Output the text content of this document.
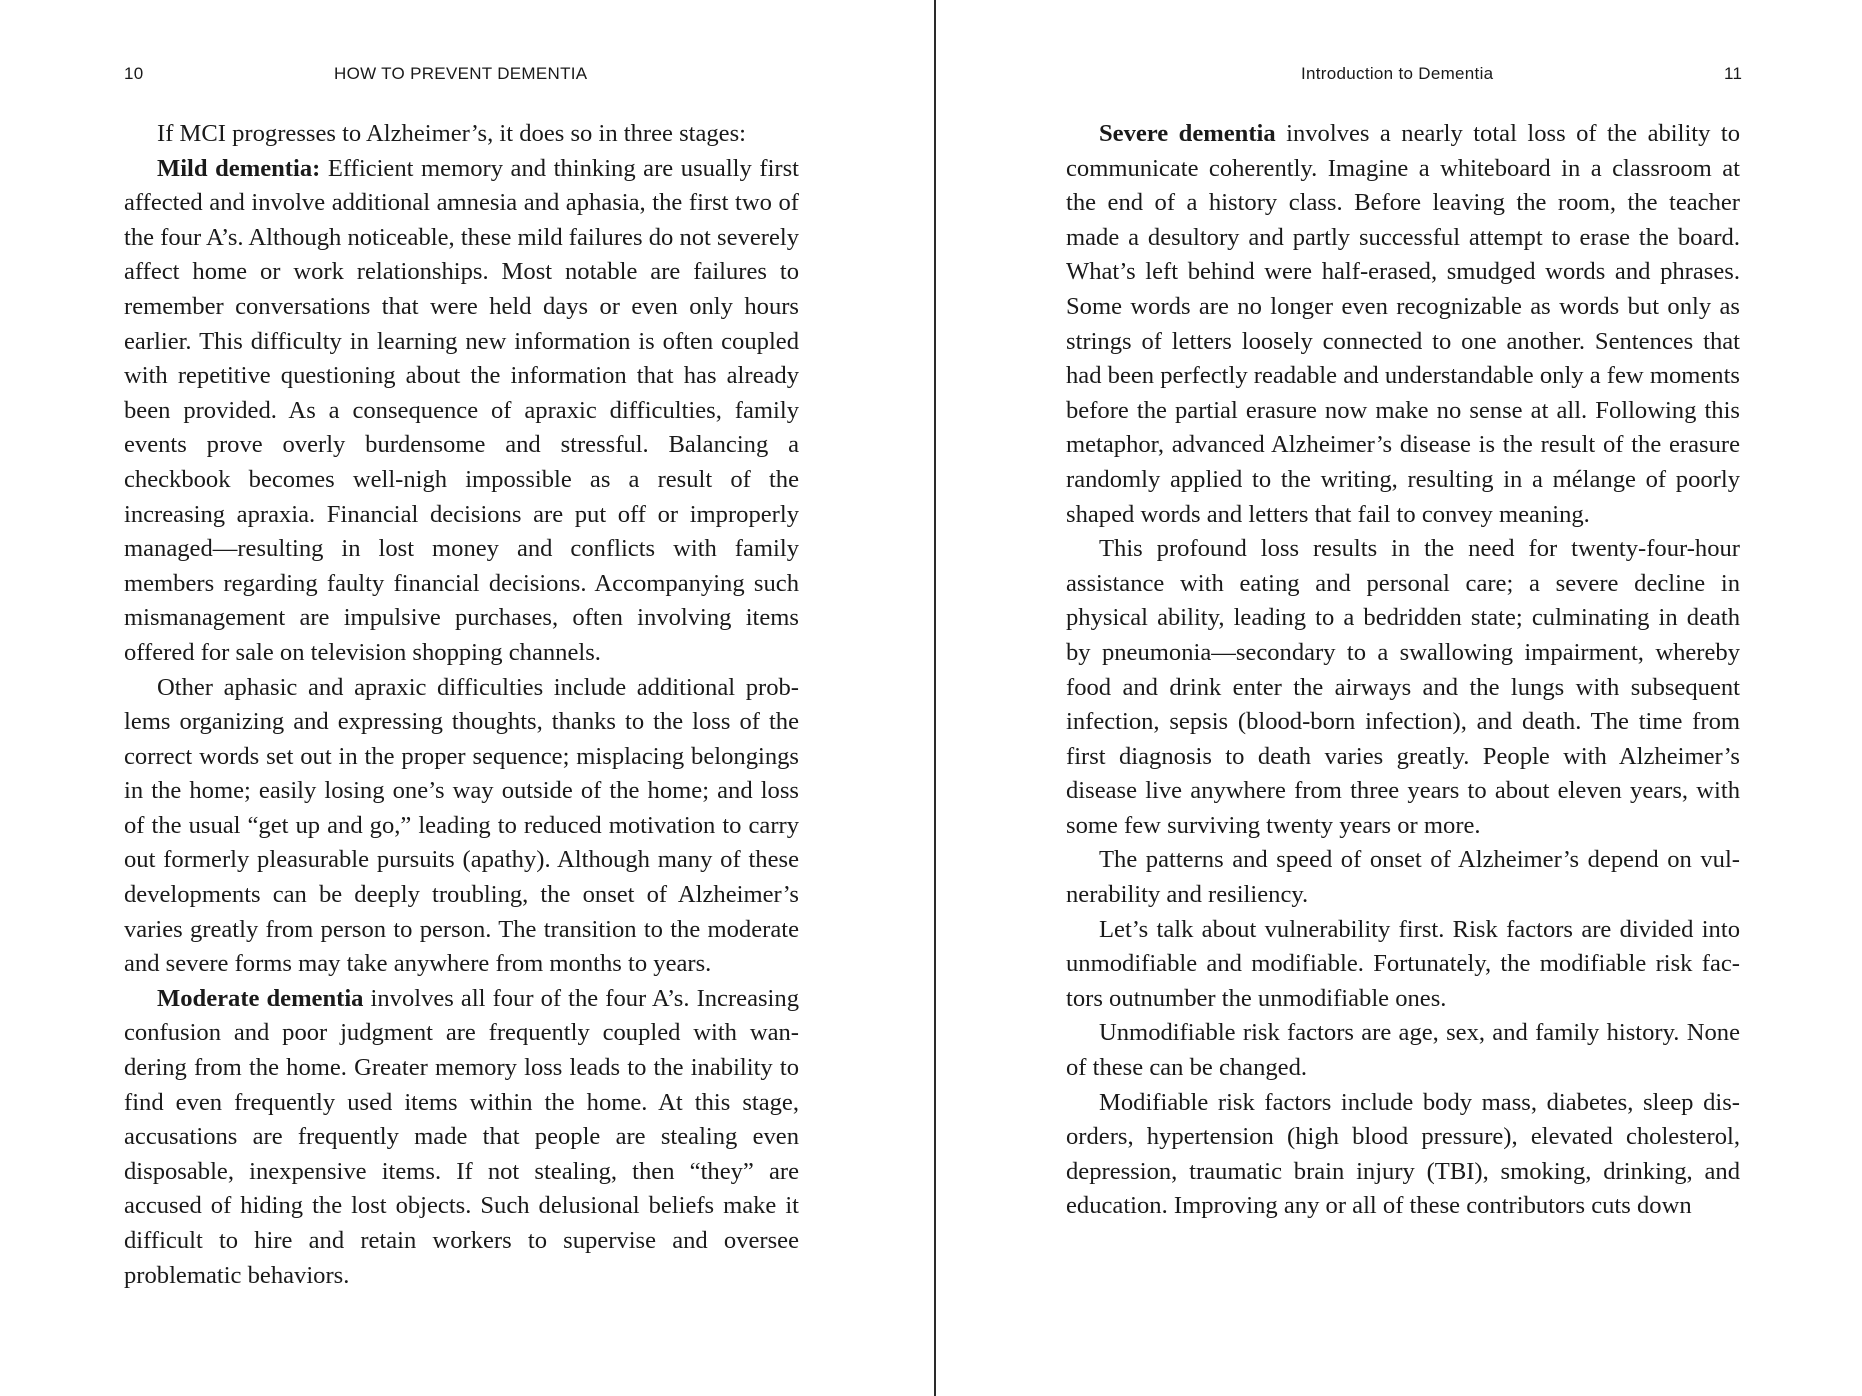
10	HOW TO PREVENT DEMENTIA

If MCI progresses to Alzheimer’s, it does so in three stages:

Mild dementia: Efficient memory and thinking are usually first affected and involve additional amnesia and aphasia, the first two of the four A’s. Although noticeable, these mild failures do not severely affect home or work relationships. Most notable are failures to remember conversations that were held days or even only hours earlier. This difficulty in learning new information is often coupled with repetitive questioning about the information that has already been provided. As a consequence of apraxic difficulties, family events prove overly burdensome and stressful. Balancing a checkbook becomes well-nigh impossible as a result of the increasing apraxia. Financial decisions are put off or improperly managed—resulting in lost money and conflicts with family members regarding faulty financial decisions. Accompanying such mismanagement are impulsive purchases, often involving items offered for sale on television shopping channels.

Other aphasic and apraxic difficulties include additional problems organizing and expressing thoughts, thanks to the loss of the correct words set out in the proper sequence; misplacing belongings in the home; easily losing one’s way outside of the home; and loss of the usual “get up and go,” leading to reduced motivation to carry out formerly pleasurable pursuits (apathy). Although many of these developments can be deeply troubling, the onset of Alzheimer’s varies greatly from person to person. The transition to the moderate and severe forms may take anywhere from months to years.

Moderate dementia involves all four of the four A’s. Increasing confusion and poor judgment are frequently coupled with wandering from the home. Greater memory loss leads to the inability to find even frequently used items within the home. At this stage, accusations are frequently made that people are stealing even disposable, inexpensive items. If not stealing, then “they” are accused of hiding the lost objects. Such delusional beliefs make it difficult to hire and retain workers to supervise and oversee problematic behaviors.

Introduction to Dementia	11

Severe dementia involves a nearly total loss of the ability to communicate coherently. Imagine a whiteboard in a classroom at the end of a history class. Before leaving the room, the teacher made a desultory and partly successful attempt to erase the board. What’s left behind were half-erased, smudged words and phrases. Some words are no longer even recognizable as words but only as strings of letters loosely connected to one another. Sentences that had been perfectly readable and understandable only a few moments before the partial erasure now make no sense at all. Following this metaphor, advanced Alzheimer’s disease is the result of the erasure randomly applied to the writing, resulting in a mélange of poorly shaped words and letters that fail to convey meaning.

This profound loss results in the need for twenty-four-hour assistance with eating and personal care; a severe decline in physical ability, leading to a bedridden state; culminating in death by pneumonia—secondary to a swallowing impairment, whereby food and drink enter the airways and the lungs with subsequent infection, sepsis (blood-born infection), and death. The time from first diagnosis to death varies greatly. People with Alzheimer’s disease live anywhere from three years to about eleven years, with some few surviving twenty years or more.

The patterns and speed of onset of Alzheimer’s depend on vulnerability and resiliency.

Let’s talk about vulnerability first. Risk factors are divided into unmodifiable and modifiable. Fortunately, the modifiable risk factors outnumber the unmodifiable ones.

Unmodifiable risk factors are age, sex, and family history. None of these can be changed.

Modifiable risk factors include body mass, diabetes, sleep disorders, hypertension (high blood pressure), elevated cholesterol, depression, traumatic brain injury (TBI), smoking, drinking, and education. Improving any or all of these contributors cuts down
